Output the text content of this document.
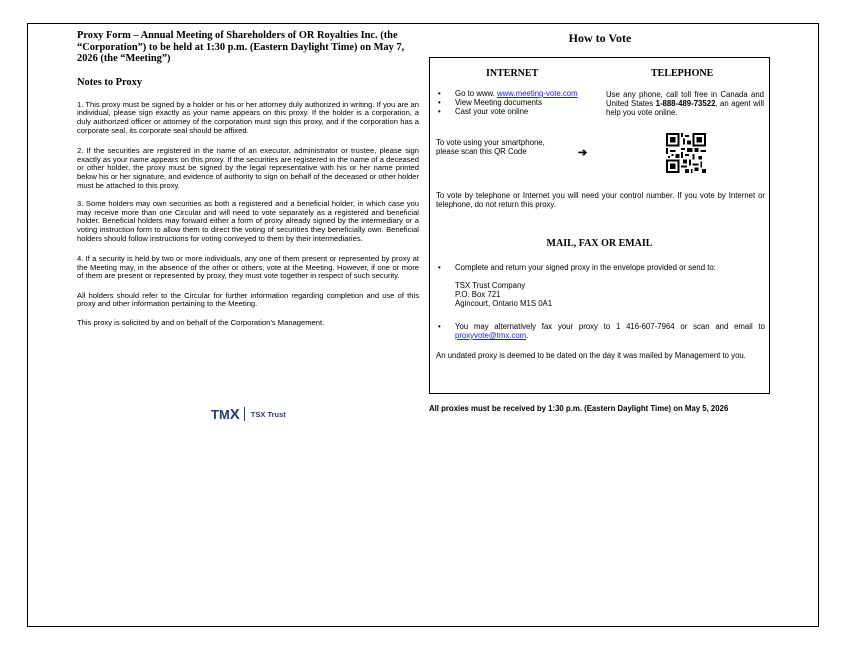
Proxy Form – Annual Meeting of Shareholders of OR Royalties Inc. (the “Corporation”) to be held at 1:30 p.m. (Eastern Daylight Time) on May 7, 2026 (the “Meeting”)
Notes to Proxy

1. This proxy must be signed by a holder or his or her attorney duly authorized in writing. If you are an individual, please sign exactly as your name appears on this proxy. If the holder is a corporation, a duly authorized officer or attorney of the corporation must sign this proxy, and if the corporation has a corporate seal, its corporate seal should be affixed.

2. If the securities are registered in the name of an executor, administrator or trustee, please sign exactly as your name appears on this proxy. If the securities are registered in the name of a deceased or other holder, the proxy must be signed by the legal representative with his or her name printed below his or her signature, and evidence of authority to sign on behalf of the deceased or other holder must be attached to this proxy.

3. Some holders may own securities as both a registered and a beneficial holder; in which case you may receive more than one Circular and will need to vote separately as a registered and beneficial holder. Beneficial holders may forward either a form of proxy already signed by the intermediary or a voting instruction form to allow them to direct the voting of securities they beneficially own. Beneficial holders should follow instructions for voting conveyed to them by their intermediaries.

4. If a security is held by two or more individuals, any one of them present or represented by proxy at the Meeting may, in the absence of the other or others, vote at the Meeting. However, if one or more of them are present or represented by proxy, they must vote together in respect of such security.

All holders should refer to the Circular for further information regarding completion and use of this proxy and other information pertaining to the Meeting.

This proxy is solicited by and on behalf of the Corporation’s Management.

TM X TSX Trust
How to Vote
INTERNET	TELEPHONE
• Go to www. www.meeting-vote.com
• View Meeting documents
• Cast your vote online
Use any phone, call toll free in Canada and United States 1-888-489-73522, an agent will help you vote online.
To vote using your smartphone,
please scan this QR Code	➔
To vote by telephone or Internet you will need your control number. If you vote by Internet or telephone, do not return this proxy.
MAIL, FAX OR EMAIL
• Complete and return your signed proxy in the envelope provided or send to:
TSX Trust Company
P.O. Box 721
Agincourt, Ontario M1S 0A1
• You may alternatively fax your proxy to 1 416-607-7964 or scan and email to proxyvote@tmx.com.
An undated proxy is deemed to be dated on the day it was mailed by Management to you.
All proxies must be received by 1:30 p.m. (Eastern Daylight Time) on May 5, 2026
